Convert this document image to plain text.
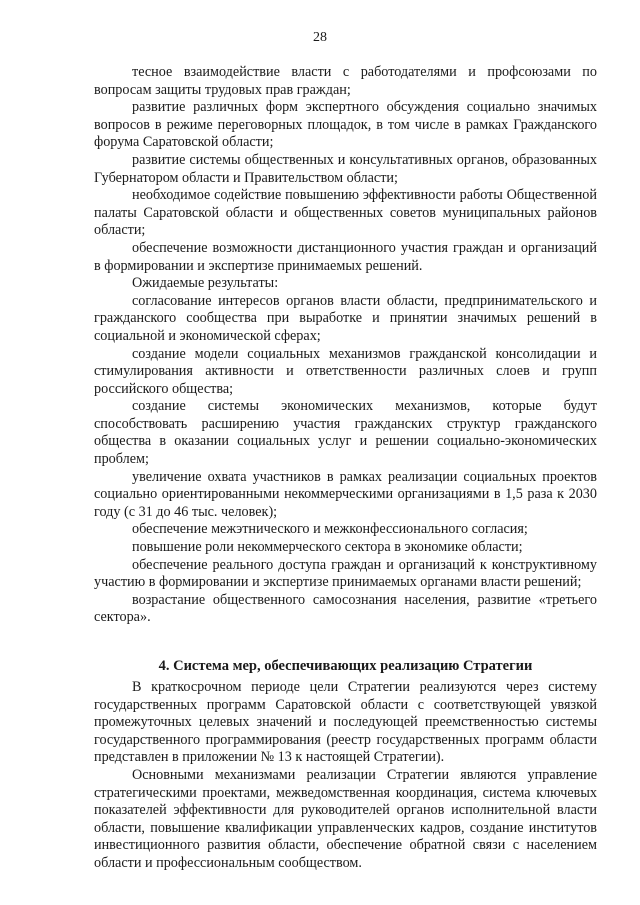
28

тесное взаимодействие власти с работодателями и профсоюзами по вопросам защиты трудовых прав граждан;

развитие различных форм экспертного обсуждения социально значимых вопросов в режиме переговорных площадок, в том числе в рамках Гражданского форума Саратовской области;

развитие системы общественных и консультативных органов, образованных Губернатором области и Правительством области;

необходимое содействие повышению эффективности работы Общественной палаты Саратовской области и общественных советов муниципальных районов области;

обеспечение возможности дистанционного участия граждан и организаций в формировании и экспертизе принимаемых решений.

Ожидаемые результаты:

согласование интересов органов власти области, предпринимательского и гражданского сообщества при выработке и принятии значимых решений в социальной и экономической сферах;

создание модели социальных механизмов гражданской консолидации и стимулирования активности и ответственности различных слоев и групп российского общества;

создание системы экономических механизмов, которые будут способствовать расширению участия гражданских структур гражданского общества в оказании социальных услуг и решении социально-экономических проблем;

увеличение охвата участников в рамках реализации социальных проектов социально ориентированными некоммерческими организациями в 1,5 раза к 2030 году (с 31 до 46 тыс. человек);

обеспечение межэтнического и межконфессионального согласия;

повышение роли некоммерческого сектора в экономике области;

обеспечение реального доступа граждан и организаций к конструктивному участию в формировании и экспертизе принимаемых органами власти решений;

возрастание общественного самосознания населения, развитие «третьего сектора».

4. Система мер, обеспечивающих реализацию Стратегии

В краткосрочном периоде цели Стратегии реализуются через систему государственных программ Саратовской области с соответствующей увязкой промежуточных целевых значений и последующей преемственностью системы государственного программирования (реестр государственных программ области представлен в приложении № 13 к настоящей Стратегии).

Основными механизмами реализации Стратегии являются управление стратегическими проектами, межведомственная координация, система ключевых показателей эффективности для руководителей органов исполнительной власти области, повышение квалификации управленческих кадров, создание институтов инвестиционного развития области, обеспечение обратной связи с населением области и профессиональным сообществом.
